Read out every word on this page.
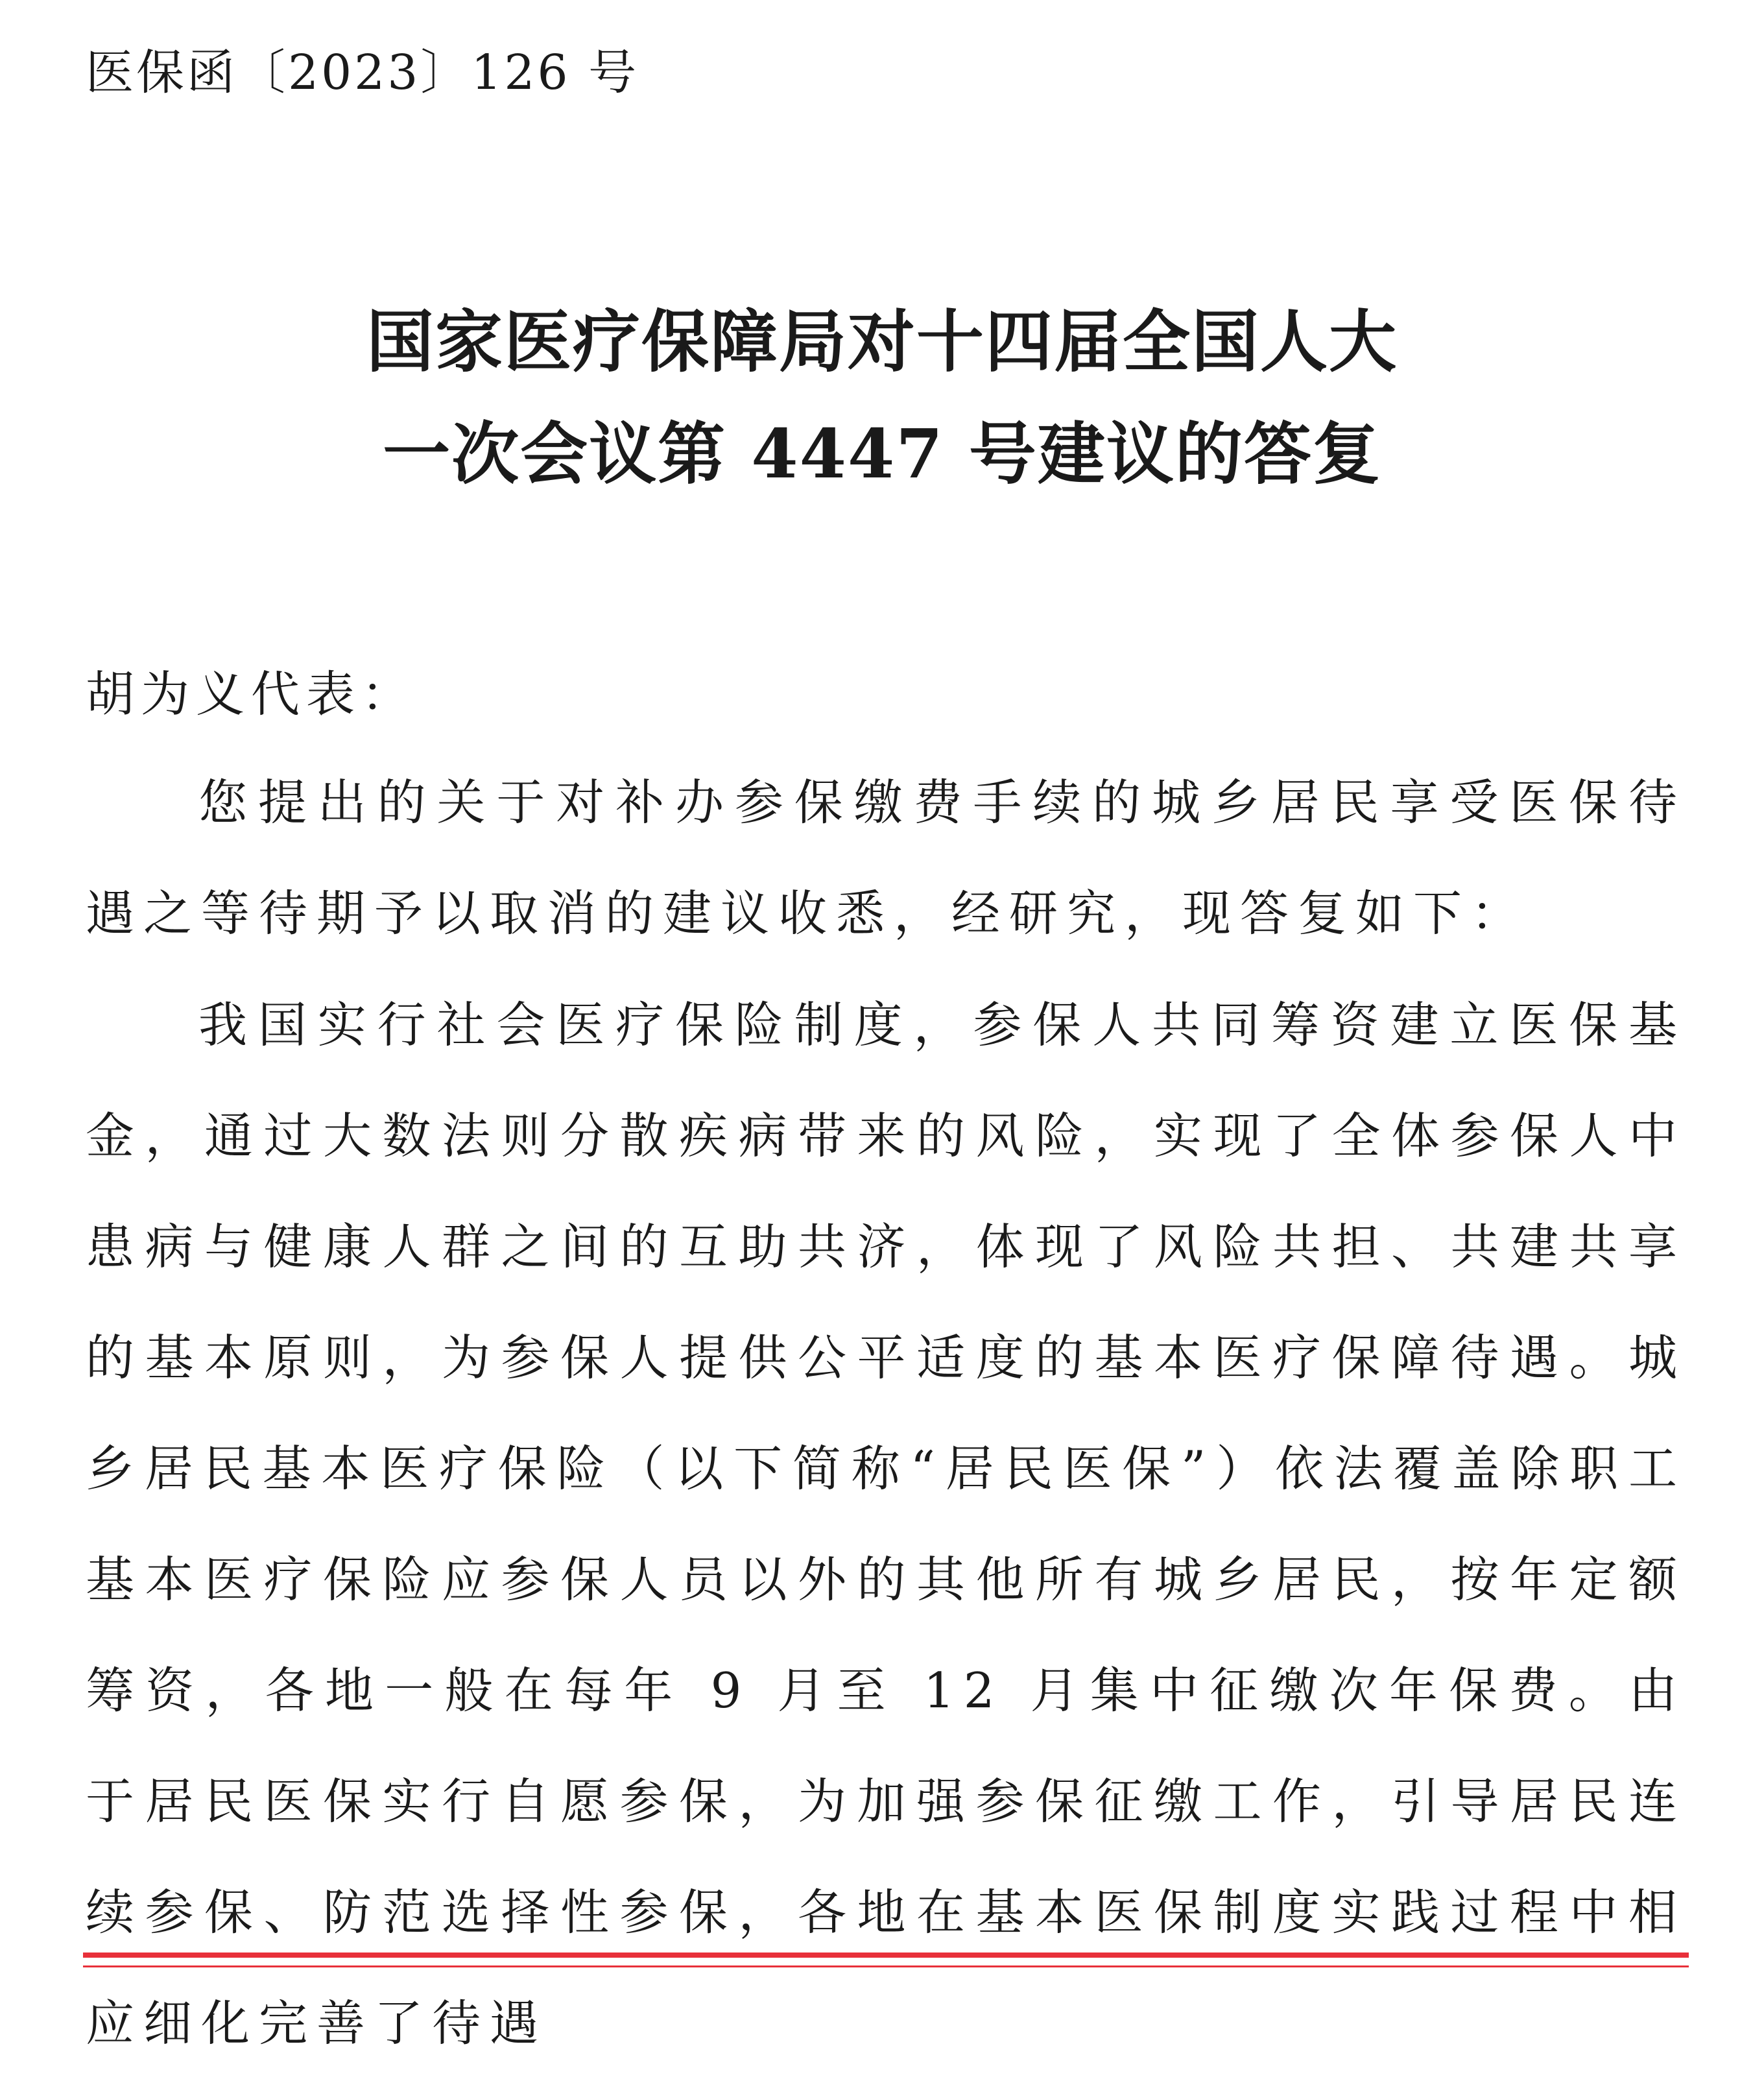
医保函〔2023〕126 号
国家医疗保障局对十四届全国人大
一次会议第 4447 号建议的答复
胡为义代表：

您提出的关于对补办参保缴费手续的城乡居民享受医保待遇之等待期予以取消的建议收悉，经研究，现答复如下：

我国实行社会医疗保险制度，参保人共同筹资建立医保基金，通过大数法则分散疾病带来的风险，实现了全体参保人中患病与健康人群之间的互助共济，体现了风险共担、共建共享的基本原则，为参保人提供公平适度的基本医疗保障待遇。城乡居民基本医疗保险（以下简称“居民医保”）依法覆盖除职工基本医疗保险应参保人员以外的其他所有城乡居民，按年定额筹资，各地一般在每年 9 月至 12 月集中征缴次年保费。由于居民医保实行自愿参保，为加强参保征缴工作，引导居民连续参保、防范选择性参保，各地在基本医保制度实践过程中相应细化完善了待遇
